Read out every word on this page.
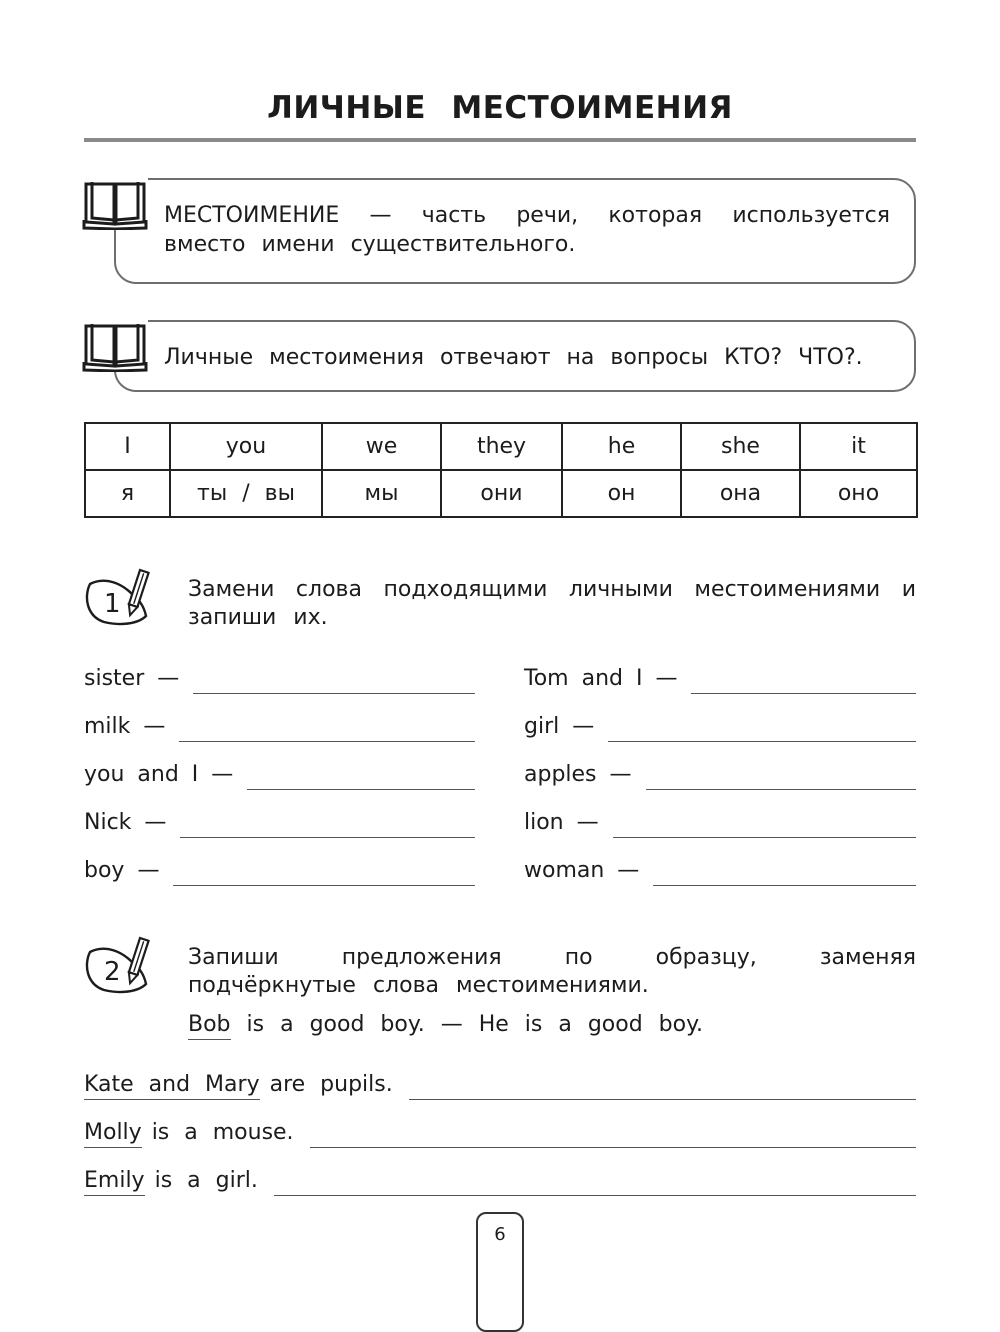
ЛИЧНЫЕ МЕСТОИМЕНИЯ
МЕСТОИМЕНИЕ — часть речи, которая используется вместо имени существительного.
Личные местоимения отвечают на вопросы КТО? ЧТО?.
I	you	we	they	he	she	it
я	ты / вы	мы	они	он	она	оно
1	Замени слова подходящими личными местоимениями и запиши их.
sister —
milk —
you and I —
Nick —
boy —
Tom and I —
girl —
apples —
lion —
woman —
2	Запиши предложения по образцу, заменяя подчёркнутые слова местоимениями.
Bob is a good boy. — He is a good boy.
Kate and Mary are pupils.
Molly is a mouse.
Emily is a girl.
6
